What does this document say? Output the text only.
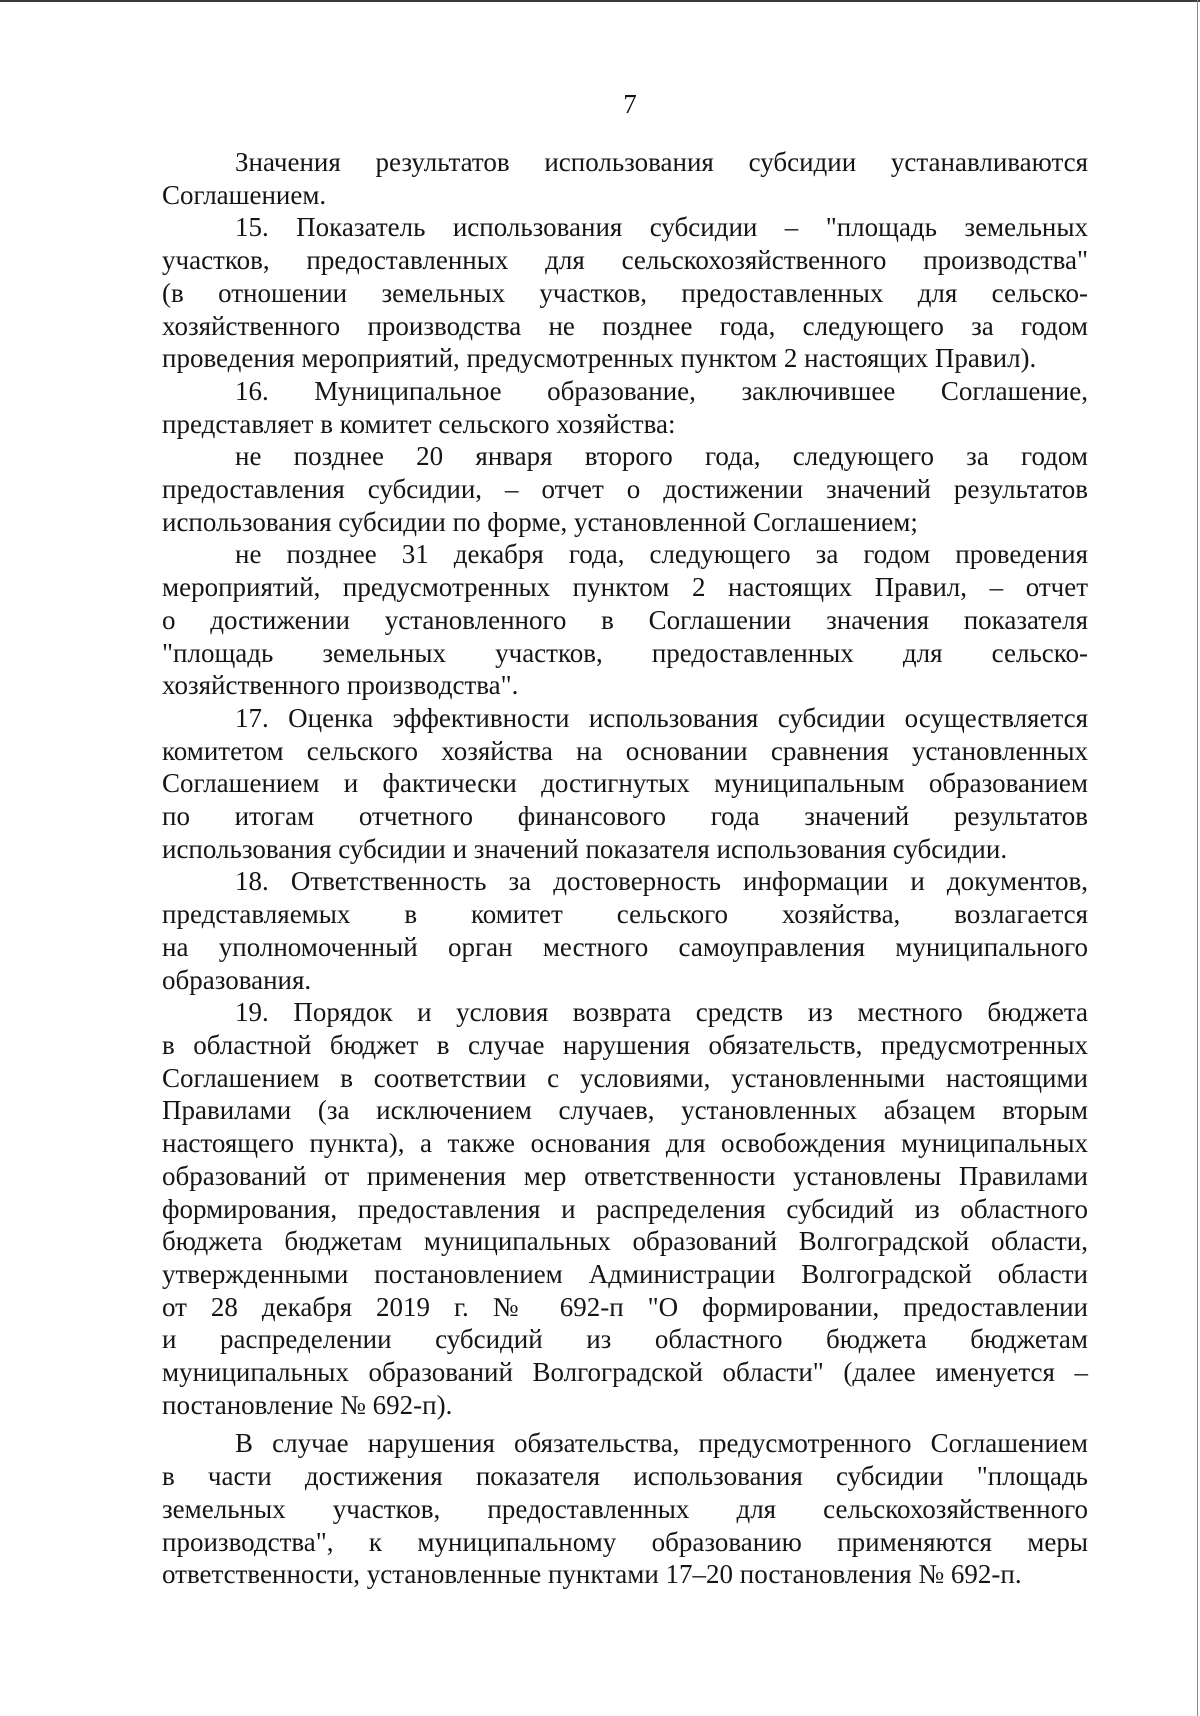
7
Значения результатов использования субсидии устанавливаются
Соглашением.
15. Показатель использования субсидии – "площадь земельных
участков, предоставленных для сельскохозяйственного производства"
(в отношении земельных участков, предоставленных для сельско-
хозяйственного производства не позднее года, следующего за годом
проведения мероприятий, предусмотренных пунктом 2 настоящих Правил).
16. Муниципальное образование, заключившее Соглашение,
представляет в комитет сельского хозяйства:
не позднее 20 января второго года, следующего за годом
предоставления субсидии, – отчет о достижении значений результатов
использования субсидии по форме, установленной Соглашением;
не позднее 31 декабря года, следующего за годом проведения
мероприятий, предусмотренных пунктом 2 настоящих Правил, – отчет
о достижении установленного в Соглашении значения показателя
"площадь земельных участков, предоставленных для сельско-
хозяйственного производства".
17. Оценка эффективности использования субсидии осуществляется
комитетом сельского хозяйства на основании сравнения установленных
Соглашением и фактически достигнутых муниципальным образованием
по итогам отчетного финансового года значений результатов
использования субсидии и значений показателя использования субсидии.
18. Ответственность за достоверность информации и документов,
представляемых в комитет сельского хозяйства, возлагается
на уполномоченный орган местного самоуправления муниципального
образования.
19. Порядок и условия возврата средств из местного бюджета
в областной бюджет в случае нарушения обязательств, предусмотренных
Соглашением в соответствии с условиями, установленными настоящими
Правилами (за исключением случаев, установленных абзацем вторым
настоящего пункта), а также основания для освобождения муниципальных
образований от применения мер ответственности установлены Правилами
формирования, предоставления и распределения субсидий из областного
бюджета бюджетам муниципальных образований Волгоградской области,
утвержденными постановлением Администрации Волгоградской области
от 28 декабря 2019 г. № 692-п "О формировании, предоставлении
и распределении субсидий из областного бюджета бюджетам
муниципальных образований Волгоградской области" (далее именуется –
постановление № 692-п).
В случае нарушения обязательства, предусмотренного Соглашением
в части достижения показателя использования субсидии "площадь
земельных участков, предоставленных для сельскохозяйственного
производства", к муниципальному образованию применяются меры
ответственности, установленные пунктами 17–20 постановления № 692-п.
